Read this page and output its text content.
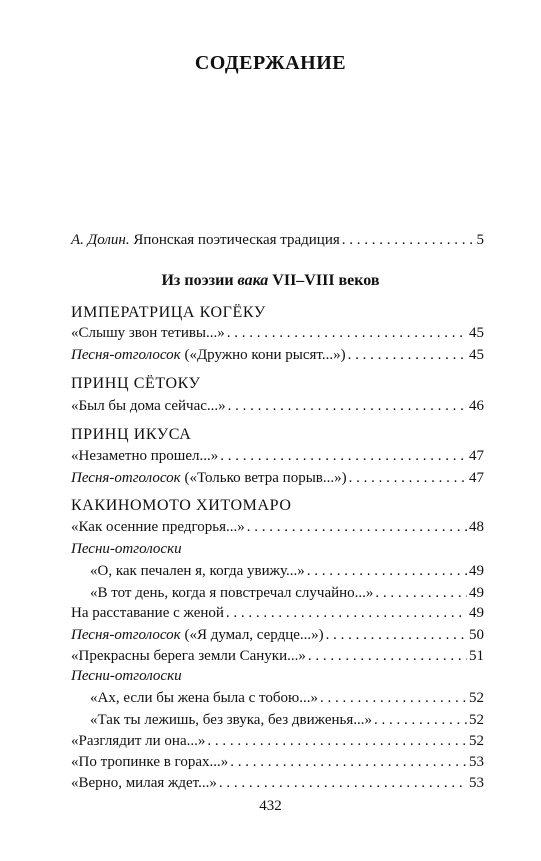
СОДЕРЖАНИЕ
А. Долин. Японская поэтическая традиция . . .	5
Из поэзии вака VII–VIII веков
ИМПЕРАТРИЦА КОГЁКУ
«Слышу звон тетивы...» . . .	45
Песня-отголосок («Дружно кони рысят...») . . .	45
ПРИНЦ СЁТОКУ
«Был бы дома сейчас...» . . .	46
ПРИНЦ ИКУСА
«Незаметно прошел...» . . .	47
Песня-отголосок («Только ветра порыв...») . . .	47
КАКИНОМОТО ХИТОМАРО
«Как осенние предгорья...» . . .	48
Песни-отголоски
«О, как печален я, когда увижу...» . . .	49
«В тот день, когда я повстречал случайно...» . . .	49
На расставание с женой . . .	49
Песня-отголосок («Я думал, сердце...») . . .	50
«Прекрасны берега земли Сануки...» . . .	51
Песни-отголоски
«Ах, если бы жена была с тобою...» . . .	52
«Так ты лежишь, без звука, без движенья...» . . .	52
«Разглядит ли она...» . . .	52
«По тропинке в горах...» . . .	53
«Верно, милая ждет...» . . .	53
432
